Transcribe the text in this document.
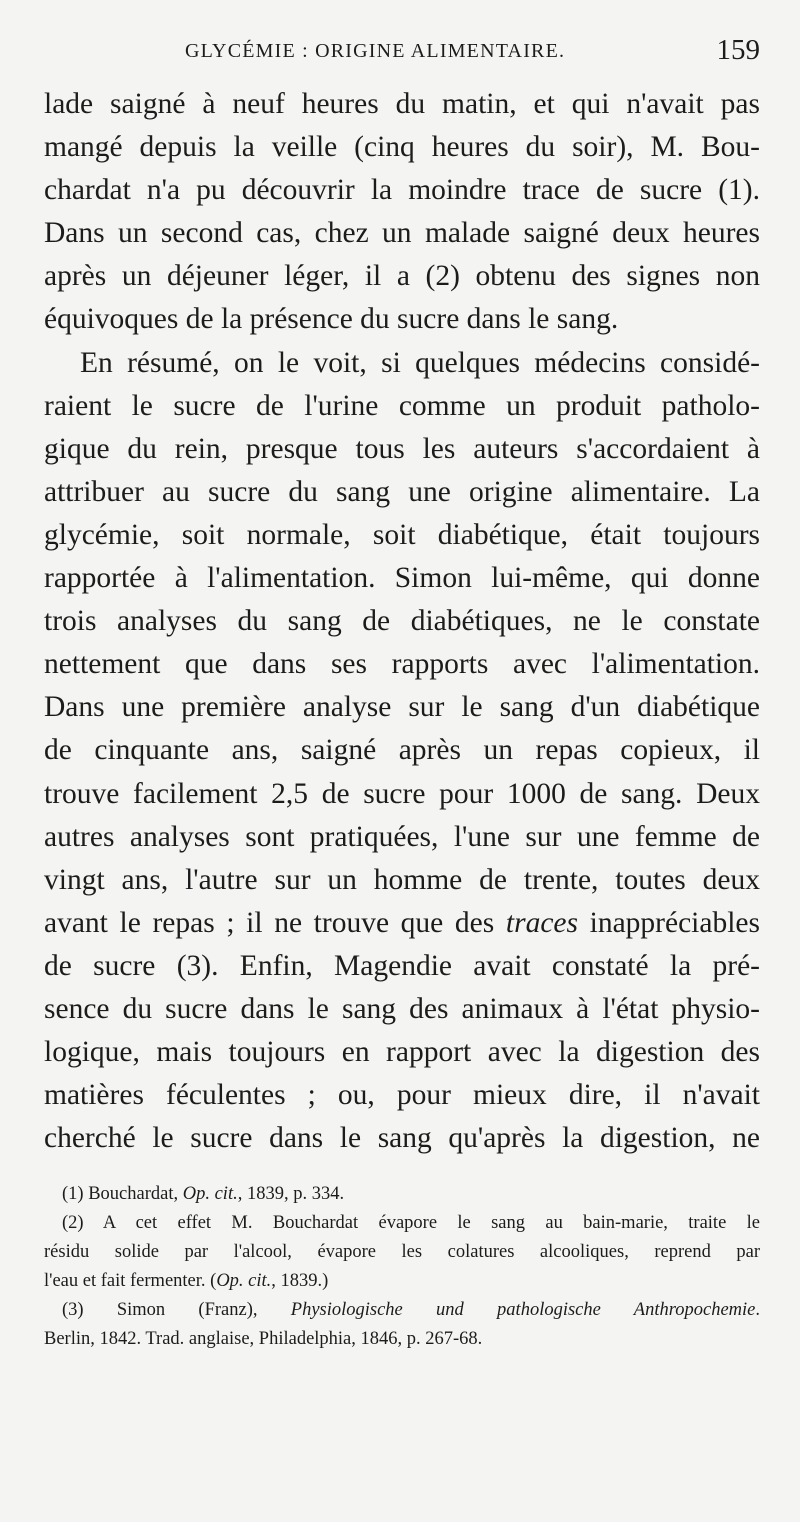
GLYCÉMIE : ORIGINE ALIMENTAIRE.	159
lade saigné à neuf heures du matin, et qui n'avait pas
mangé depuis la veille (cinq heures du soir), M. Bou-
chardat n'a pu découvrir la moindre trace de sucre (1).
Dans un second cas, chez un malade saigné deux heures
après un déjeuner léger, il a (2) obtenu des signes non
équivoques de la présence du sucre dans le sang.
En résumé, on le voit, si quelques médecins considé-
raient le sucre de l'urine comme un produit patholo-
gique du rein, presque tous les auteurs s'accordaient à
attribuer au sucre du sang une origine alimentaire. La
glycémie, soit normale, soit diabétique, était toujours
rapportée à l'alimentation. Simon lui-même, qui donne
trois analyses du sang de diabétiques, ne le constate
nettement que dans ses rapports avec l'alimentation.
Dans une première analyse sur le sang d'un diabétique
de cinquante ans, saigné après un repas copieux, il
trouve facilement 2,5 de sucre pour 1000 de sang. Deux
autres analyses sont pratiquées, l'une sur une femme de
vingt ans, l'autre sur un homme de trente, toutes deux
avant le repas ; il ne trouve que des traces inappréciables
de sucre (3). Enfin, Magendie avait constaté la pré-
sence du sucre dans le sang des animaux à l'état physio-
logique, mais toujours en rapport avec la digestion des
matières féculentes ; ou, pour mieux dire, il n'avait
cherché le sucre dans le sang qu'après la digestion, ne
(1) Bouchardat, Op. cit., 1839, p. 334.
(2) A cet effet M. Bouchardat évapore le sang au bain-marie, traite le
résidu solide par l'alcool, évapore les colatures alcooliques, reprend par
l'eau et fait fermenter. (Op. cit., 1839.)
(3) Simon (Franz), Physiologische und pathologische Anthropochemie.
Berlin, 1842. Trad. anglaise, Philadelphia, 1846, p. 267-68.
